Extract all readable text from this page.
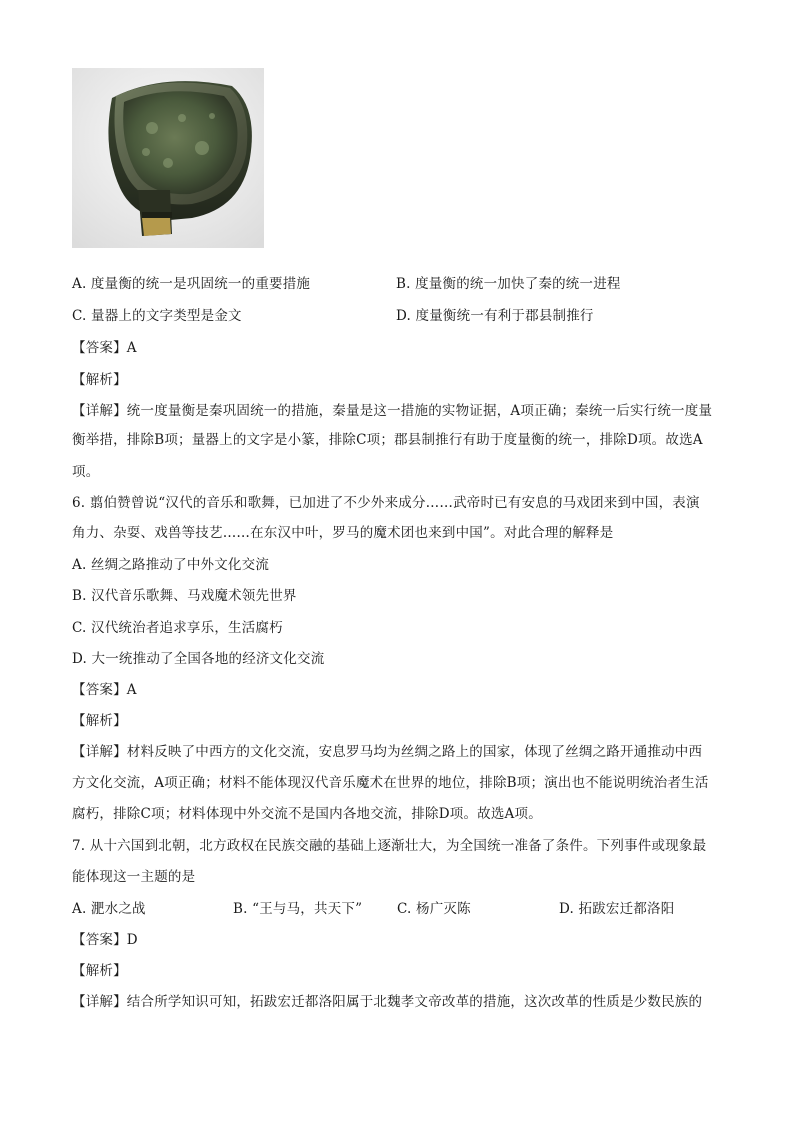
A. 度量衡的统一是巩固统一的重要措施	B. 度量衡的统一加快了秦的统一进程
C. 量器上的文字类型是金文	D. 度量衡统一有利于郡县制推行
【答案】A
【解析】
【详解】统一度量衡是秦巩固统一的措施，秦量是这一措施的实物证据，A项正确；秦统一后实行统一度量
衡举措，排除B项；量器上的文字是小篆，排除C项；郡县制推行有助于度量衡的统一，排除D项。故选A
项。
6. 翦伯赞曾说“汉代的音乐和歌舞，已加进了不少外来成分……武帝时已有安息的马戏团来到中国，表演
角力、杂耍、戏兽等技艺……在东汉中叶，罗马的魔术团也来到中国”。对此合理的解释是
A. 丝绸之路推动了中外文化交流
B. 汉代音乐歌舞、马戏魔术领先世界
C. 汉代统治者追求享乐，生活腐朽
D. 大一统推动了全国各地的经济文化交流
【答案】A
【解析】
【详解】材料反映了中西方的文化交流，安息罗马均为丝绸之路上的国家，体现了丝绸之路开通推动中西
方文化交流，A项正确；材料不能体现汉代音乐魔术在世界的地位，排除B项；演出也不能说明统治者生活
腐朽，排除C项；材料体现中外交流不是国内各地交流，排除D项。故选A项。
7. 从十六国到北朝，北方政权在民族交融的基础上逐渐壮大，为全国统一准备了条件。下列事件或现象最
能体现这一主题的是
A. 淝水之战	B. “王与马，共天下”	C. 杨广灭陈	D. 拓跋宏迁都洛阳
【答案】D
【解析】
【详解】结合所学知识可知，拓跋宏迁都洛阳属于北魏孝文帝改革的措施，这次改革的性质是少数民族的
